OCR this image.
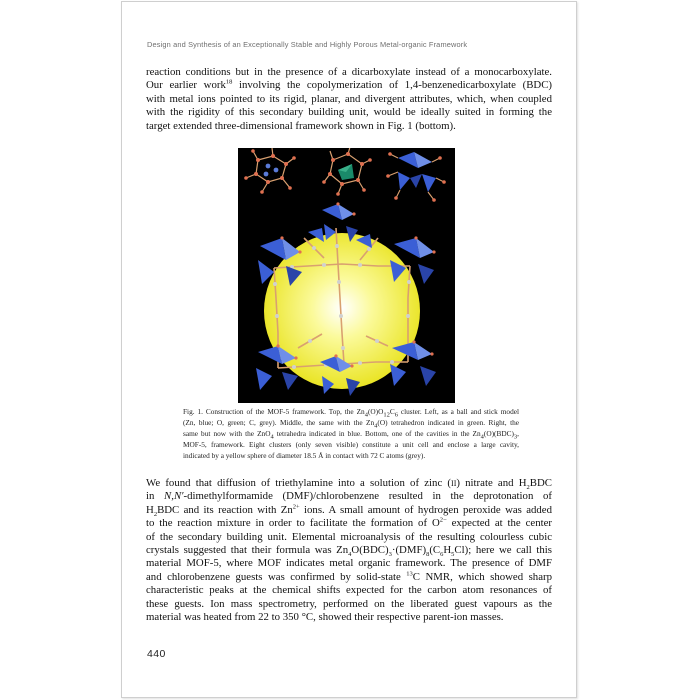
Design and Synthesis of an Exceptionally Stable and Highly Porous Metal-organic Framework
reaction conditions but in the presence of a dicarboxylate instead of a monocarboxylate.
Our earlier work$^{18}$ involving the copolymerization of 1,4-benzenedicarboxylate (BDC)
with metal ions pointed to its rigid, planar, and divergent attributes, which, when coupled
with the rigidity of this secondary building unit, would be ideally suited in forming the
target extended three-dimensional framework shown in Fig. 1 (bottom).
Fig. 1. Construction of the MOF-5 framework. Top, the $Zn_4(O)O_{12}C_6$ cluster. Left, as a ball and stick model
(Zn, blue; O, green; C, grey). Middle, the same with the $Zn_4(O)$ tetrahedron indicated in green. Right, the
same but now with the ZnO$_4$ tetrahedra indicated in blue. Bottom, one of the cavities in the $Zn_4(O)(BDC)_3$,
MOF-5, framework. Eight clusters (only seven visible) constitute a unit cell and enclose a large cavity,
indicated by a yellow sphere of diameter 18.5 Å in contact with 72 C atoms (grey).
We found that diffusion of triethylamine into a solution of zinc (ii) nitrate and $H_2BDC$
in N,N′-dimethylformamide (DMF)/chlorobenzene resulted in the deprotonation of
$H_2BDC$ and its reaction with $Zn^{2+}$ ions. A small amount of hydrogen peroxide was added
to the reaction mixture in order to facilitate the formation of $O^{2-}$ expected at the center
of the secondary building unit. Elemental microanalysis of the resulting colourless cubic
crystals suggested that their formula was $Zn_4O(BDC)_3\cdot(DMF)_8(C_6H_5Cl)$; here we call this
material MOF-5, where MOF indicates metal organic framework. The presence of DMF
and chlorobenzene guests was confirmed by solid-state $^{13}$C NMR, which showed sharp
characteristic peaks at the chemical shifts expected for the carbon atom resonances of
these guests. Ion mass spectrometry, performed on the liberated guest vapours as the
material was heated from 22 to 350 °C, showed their respective parent-ion masses.
440
